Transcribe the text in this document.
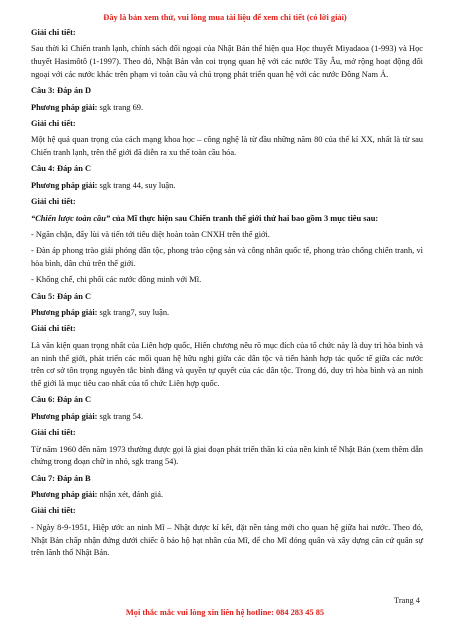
Đây là bản xem thử, vui lòng mua tài liệu để xem chi tiết (có lời giải)
Giải chi tiết:
Sau thời kì Chiến tranh lạnh, chính sách đối ngoại của Nhật Bản thể hiện qua Học thuyết Miyadaoa (1-993) và Học thuyết Hasimôtô (1-1997). Theo đó, Nhật Bản vẫn coi trọng quan hệ với các nước Tây Âu, mở rộng hoạt động đối ngoại với các nước khác trên phạm vi toàn cầu và chú trọng phát triển quan hệ với các nước Đông Nam Á.
Câu 3: Đáp án D
Phương pháp giải: sgk trang 69.
Giải chi tiết:
Một hệ quả quan trọng của cách mạng khoa học – công nghệ là từ đầu những năm 80 của thế kỉ XX, nhất là từ sau Chiến tranh lạnh, trên thế giới đã diễn ra xu thế toàn cầu hóa.
Câu 4: Đáp án C
Phương pháp giải: sgk trang 44, suy luận.
Giải chi tiết:
“Chiến lược toàn cầu” của Mĩ thực hiện sau Chiến tranh thế giới thứ hai bao gồm 3 mục tiêu sau:
- Ngăn chặn, đẩy lùi và tiến tới tiêu diệt hoàn toàn CNXH trên thế giới.
- Đàn áp phong trào giải phóng dân tộc, phong trào cộng sản và công nhân quốc tế, phong trào chống chiến tranh, vì hòa bình, dân chủ trên thế giới.
- Khống chế, chi phối các nước đồng minh với Mĩ.
Câu 5: Đáp án C
Phương pháp giải: sgk trang7, suy luận.
Giải chi tiết:
Là văn kiện quan trọng nhất của Liên hợp quốc, Hiến chương nêu rõ mục đích của tổ chức này là duy trì hòa bình và an ninh thế giới, phát triển các mối quan hệ hữu nghị giữa các dân tộc và tiến hành hợp tác quốc tế giữa các nước trên cơ sở tôn trọng nguyên tắc bình đẳng và quyền tự quyết của các dân tộc. Trong đó, duy trì hòa bình và an ninh thế giới là mục tiêu cao nhất của tổ chức Liên hợp quốc.
Câu 6: Đáp án C
Phương pháp giải: sgk trang 54.
Giải chi tiết:
Từ năm 1960 đến năm 1973 thường được gọi là giai đoạn phát triển thần kì của nền kinh tế Nhật Bản (xem thêm dẫn chứng trong đoạn chữ in nhỏ, sgk trang 54).
Câu 7: Đáp án B
Phương pháp giải: nhận xét, đánh giá.
Giải chi tiết:
- Ngày 8-9-1951, Hiệp ước an ninh Mĩ – Nhật được kí kết, đặt nền tảng mới cho quan hệ giữa hai nước. Theo đó, Nhật Bản chấp nhận đứng dưới chiếc ô bảo hộ hạt nhân của Mĩ, để cho Mĩ đóng quân và xây dựng căn cứ quân sự trên lãnh thổ Nhật Bản.
Trang 4
Mọi thắc mắc vui lòng xin liên hệ hotline: 084 283 45 85
